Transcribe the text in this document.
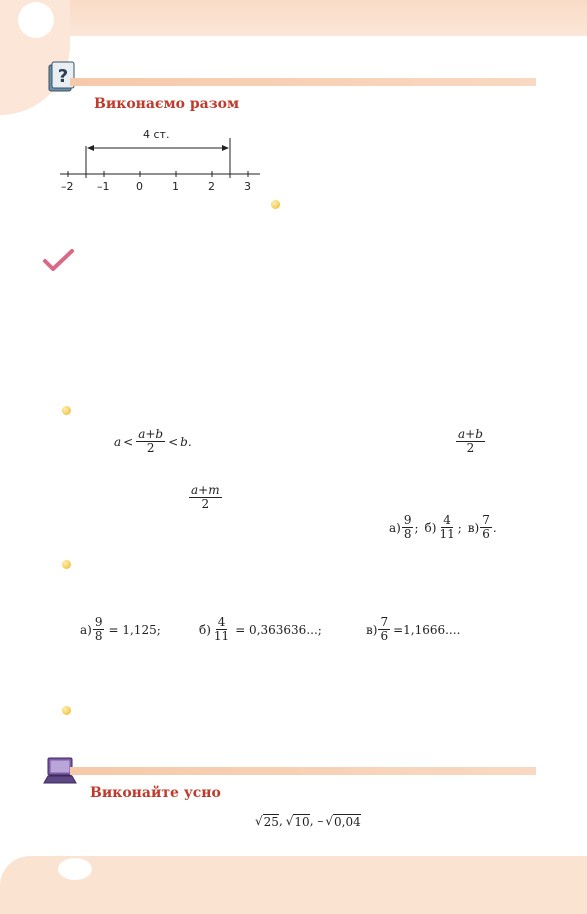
?
Виконаємо разом
4 ст.
–2 –1 0	1	2	3
$a < \frac{a+b}{2} < b$.	$\frac{a+b}{2}$
$\frac{a+m}{2}$
$а) \frac{9}{8}$ ; $б) \frac{4}{11}$ ; $в) \frac{7}{6}$ .
$а) \frac{9}{8} = 1,125$;	$б) \frac{4}{11} = 0,363636$...;	$в) \frac{7}{6} =1,1666$....
Виконайте усно
√ 25 , √ 10 , – √ 0,04
